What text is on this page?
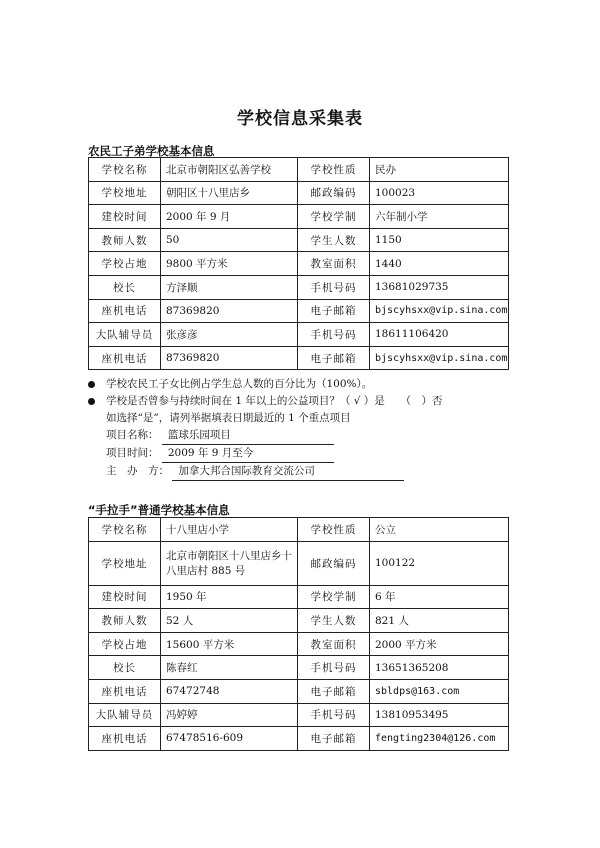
学校信息采集表
农民工子弟学校基本信息
学校名称	北京市朝阳区弘善学校	学校性质	民办
学校地址	朝阳区十八里店乡	邮政编码	100023
建校时间	2000 年 9 月	学校学制	六年制小学
教师人数	50	学生人数	1150
学校占地	9800 平方米	教室面积	1440
校长	方泽顺	手机号码	13681029735
座机电话	87369820	电子邮箱	bjscyhsxx@vip.sina.com
大队辅导员	张彦彦	手机号码	18611106420
座机电话	87369820	电子邮箱	bjscyhsxx@vip.sina.com
学校农民工子女比例占学生总人数的百分比为（100%）。
学校是否曾参与持续时间在 1 年以上的公益项目？（ √ ）是　　（　）否
如选择“是”，请列举据填表日期最近的 1 个重点项目
项目名称： 篮球乐园项目
项目时间： 2009 年 9 月至今
主　办　方： 加拿大邦合国际教育交流公司
“手拉手”普通学校基本信息
学校名称	十八里店小学	学校性质	公立
学校地址	北京市朝阳区十八里店乡十八里店村 885 号	邮政编码	100122
建校时间	1950 年	学校学制	6 年
教师人数	52 人	学生人数	821 人
学校占地	15600 平方米	教室面积	2000 平方米
校长	陈春红	手机号码	13651365208
座机电话	67472748	电子邮箱	sbldps@163.com
大队辅导员	冯婷婷	手机号码	13810953495
座机电话	67478516-609	电子邮箱	fengting2304@126.com
